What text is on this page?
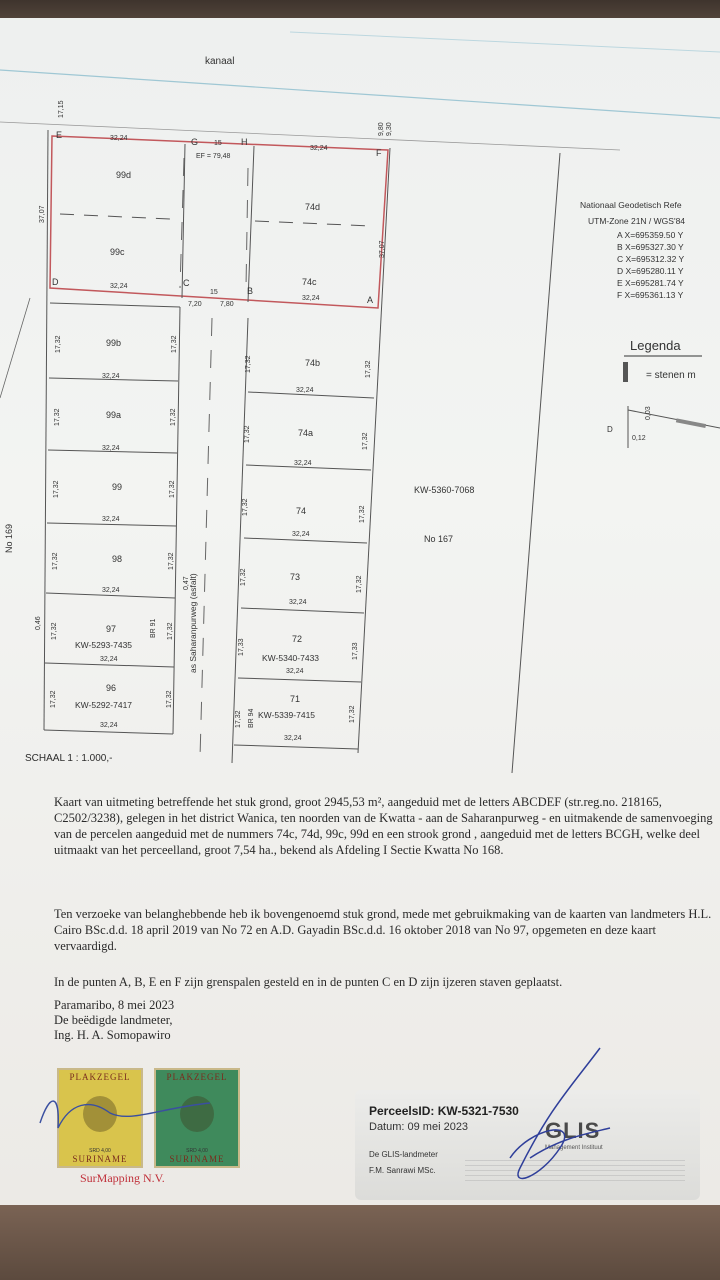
kanaal
E
G	H
F
D	C
B
A
32,24
32,24
15
EF = 79,48
32,24
32,24
15
7,20	7,80
37,07
37,07
17,15
9,80 9,30
99d
99c
99b
32,24
99a
32,24
99
32,24
98
32,24
97
KW-5293-7435
32,24
96
KW-5292-7417
32,24
17,32	17,32
17,32	17,32
17,32	17,32
17,32	17,32
17,32	17,32
17,32	17,32
BR 91
0,46
0,47
74d
74c
74b
32,24
74a
32,24
74
32,24
73
32,24
72
KW-5340-7433
32,24
71
KW-5339-7415
32,24
17,32	17,32
17,32	17,32
17,32	17,32
17,32	17,32
17,33	17,33
17,32	17,32
BR 94
as Saharanpurweg (asfalt)
No 169
KW-5360-7068
No 167
Nationaal Geodetisch Refe
UTM-Zone 21N / WGS'84
A X=695359.50 Y
B X=695327.30 Y
C X=695312.32 Y
D X=695280.11 Y
E X=695281.74 Y
F X=695361.13 Y
Legenda
= stenen m
D
0,03
0,12
SCHAAL 1 : 1.000,-
Kaart van uitmeting betreffende het stuk grond, groot 2945,53 m², aangeduid met de letters ABCDEF (str.reg.no. 218165, C2502/3238), gelegen in het district Wanica, ten noorden van de Kwatta - aan de Saharanpurweg - en uitmakende de samenvoeging van de percelen aangeduid met de nummers 74c, 74d, 99c, 99d en een strook grond , aangeduid met de letters BCGH, welke deel uitmaakt van het perceelland, groot 7,54 ha., bekend als Afdeling I Sectie Kwatta No 168.
Ten verzoeke van belanghebbende heb ik bovengenoemd stuk grond, mede met gebruikmaking van de kaarten van landmeters H.L. Cairo BSc.d.d. 18 april 2019 van No 72 en A.D. Gayadin BSc.d.d. 16 oktober 2018 van No 97, opgemeten en deze kaart vervaardigd.
In de punten A, B, E en F zijn grenspalen gesteld en in de punten C en D zijn ijzeren staven geplaatst.
Paramaribo, 8 mei 2023
De beëdigde landmeter,
Ing. H. A. Somopawiro
PLAKZEGEL
SRD 4,00
SURINAME
PLAKZEGEL
SRD 4,00
SURINAME
SurMapping N.V.
PerceelsID: KW-5321-7530
Datum: 09 mei 2023
De GLIS-landmeter
F.M. Sanrawi MSc.
GLIS
Management Instituut
